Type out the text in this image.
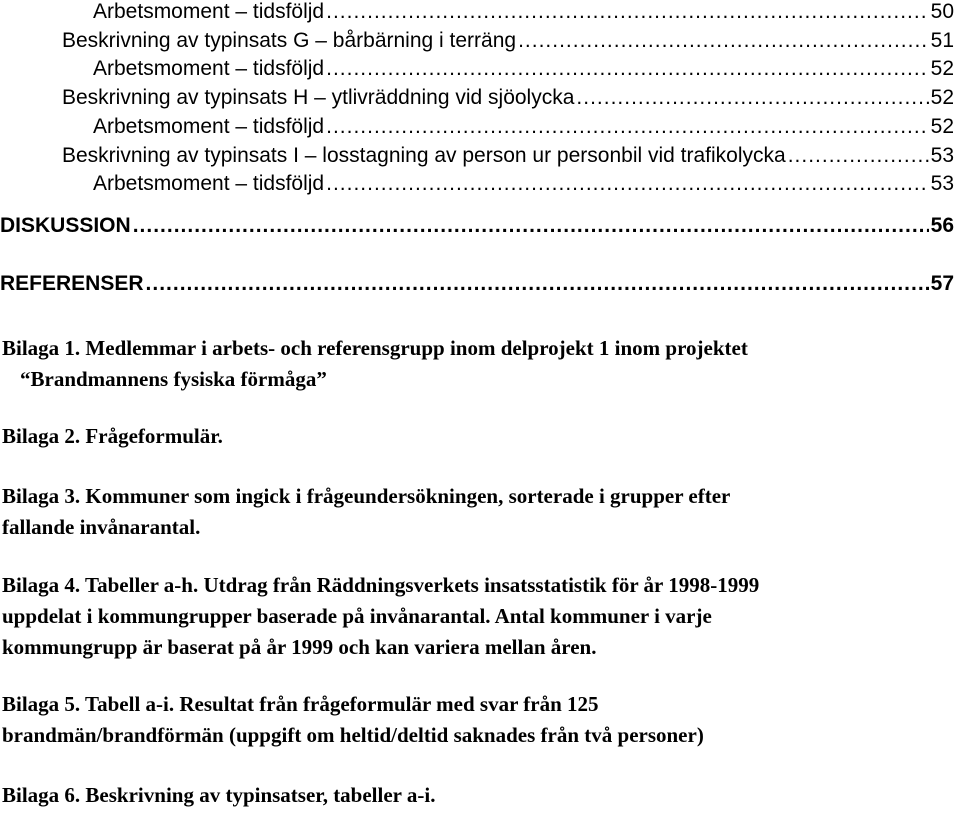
Arbetsmoment – tidsföljd .....	50
Beskrivning av typinsats G – bårbärning i terräng .....	51
Arbetsmoment – tidsföljd .....	52
Beskrivning av typinsats H – ytlivräddning vid sjöolycka .....	52
Arbetsmoment – tidsföljd .....	52
Beskrivning av typinsats I – losstagning av person ur personbil vid trafikolycka .....	53
Arbetsmoment – tidsföljd .....	53
DISKUSSION .....	56
REFERENSER .....	57
Bilaga 1. Medlemmar i arbets- och referensgrupp inom delprojekt 1 inom projektet
“Brandmannens fysiska förmåga”
Bilaga 2. Frågeformulär.
Bilaga 3. Kommuner som ingick i frågeundersökningen, sorterade i grupper efter
fallande invånarantal.
Bilaga 4. Tabeller a-h. Utdrag från Räddningsverkets insatsstatistik för år 1998-1999
uppdelat i kommungrupper baserade på invånarantal. Antal kommuner i varje
kommungrupp är baserat på år 1999 och kan variera mellan åren.
Bilaga 5. Tabell a-i. Resultat från frågeformulär med svar från 125
brandmän/brandförmän (uppgift om heltid/deltid saknades från två personer)
Bilaga 6. Beskrivning av typinsatser, tabeller a-i.
